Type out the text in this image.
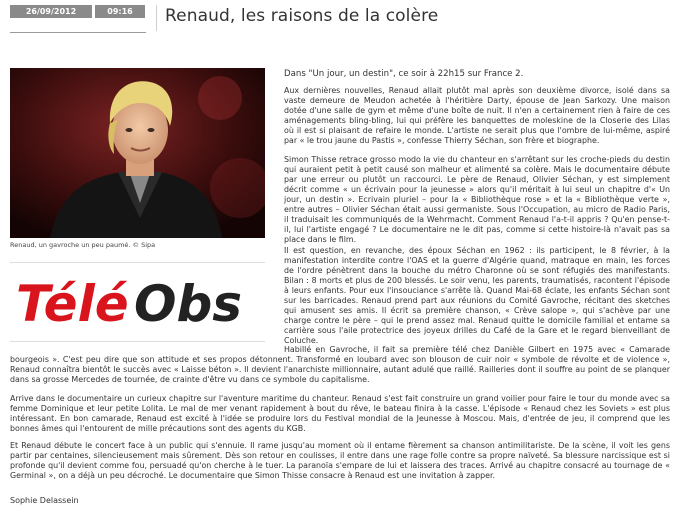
26/09/2012	09:16	Renaud, les raisons de la colère
Renaud, un gavroche un peu paumé. © Sipa
Télé Obs
Dans "Un jour, un destin", ce soir à 22h15 sur France 2.

Aux dernières nouvelles, Renaud allait plutôt mal après son deuxième divorce, isolé dans sa vaste demeure de Meudon achetée à l'héritière Darty, épouse de Jean Sarkozy. Une maison dotée d'une salle de gym et même d'une boîte de nuit. Il n'en a certainement rien à faire de ces aménagements bling-bling, lui qui préfère les banquettes de moleskine de la Closerie des Lilas où il est si plaisant de refaire le monde. L'artiste ne serait plus que l'ombre de lui-même, aspiré par « le trou jaune du Pastis », confesse Thierry Séchan, son frère et biographe.

Simon Thisse retrace grosso modo la vie du chanteur en s'arrêtant sur les croche-pieds du destin qui auraient petit à petit causé son malheur et alimenté sa colère. Mais le documentaire débute par une erreur ou plutôt un raccourci. Le père de Renaud, Olivier Séchan, y est simplement décrit comme « un écrivain pour la jeunesse » alors qu'il méritait à lui seul un chapitre d'« Un jour, un destin ». Ecrivain pluriel – pour la « Bibliothèque rose » et la « Bibliothèque verte », entre autres – Olivier Séchan était aussi germaniste. Sous l'Occupation, au micro de Radio Paris, il traduisait les communiqués de la Wehrmacht. Comment Renaud l'a-t-il appris ? Qu'en pense-t-il, lui l'artiste engagé ? Le documentaire ne le dit pas, comme si cette histoire-là n'avait pas sa place dans le film.

Il est question, en revanche, des époux Séchan en 1962 : ils participent, le 8 février, à la manifestation interdite contre l'OAS et la guerre d'Algérie quand, matraque en main, les forces de l'ordre pénètrent dans la bouche du métro Charonne où se sont réfugiés des manifestants. Bilan : 8 morts et plus de 200 blessés. Le soir venu, les parents, traumatisés, racontent l'épisode à leurs enfants. Pour eux l'insouciance s'arrête là. Quand Mai-68 éclate, les enfants Séchan sont sur les barricades. Renaud prend part aux réunions du Comité Gavroche, récitant des sketches qui amusent ses amis. Il écrit sa première chanson, « Crève salope », qui s'achève par une charge contre le père – qui le prend assez mal. Renaud quitte le domicile familial et entame sa carrière sous l'aile protectrice des joyeux drilles du Café de la Gare et le regard bienveillant de Coluche.

Habillé en Gavroche, il fait sa première télé chez Danièle Gilbert en 1975 avec « Camarade bourgeois ». C'est peu dire que son attitude et ses propos détonnent. Transformé en loubard avec son blouson de cuir noir « symbole de révolte et de violence », Renaud connaîtra bientôt le succès avec « Laisse béton ». Il devient l'anarchiste millionnaire, autant adulé que raillé. Railleries dont il souffre au point de se planquer dans sa grosse Mercedes de tournée, de crainte d'être vu dans ce symbole du capitalisme.

Arrive dans le documentaire un curieux chapitre sur l'aventure maritime du chanteur. Renaud s'est fait construire un grand voilier pour faire le tour du monde avec sa femme Dominique et leur petite Lolita. Le mal de mer venant rapidement à bout du rêve, le bateau finira à la casse. L'épisode « Renaud chez les Soviets » est plus intéressant. En bon camarade, Renaud est excité à l'idée se produire lors du Festival mondial de la Jeunesse à Moscou. Mais, d'entrée de jeu, il comprend que les bonnes âmes qui l'entourent de mille précautions sont des agents du KGB.

Et Renaud débute le concert face à un public qui s'ennuie. Il rame jusqu'au moment où il entame fièrement sa chanson antimilitariste. De la scène, il voit les gens partir par centaines, silencieusement mais sûrement. Dès son retour en coulisses, il entre dans une rage folle contre sa propre naïveté. Sa blessure narcissique est si profonde qu'il devient comme fou, persuadé qu'on cherche à le tuer. La paranoïa s'empare de lui et laissera des traces. Arrivé au chapitre consacré au tournage de « Germinal », on a déjà un peu décroché. Le documentaire que Simon Thisse consacre à Renaud est une invitation à zapper.

Sophie Delassein
